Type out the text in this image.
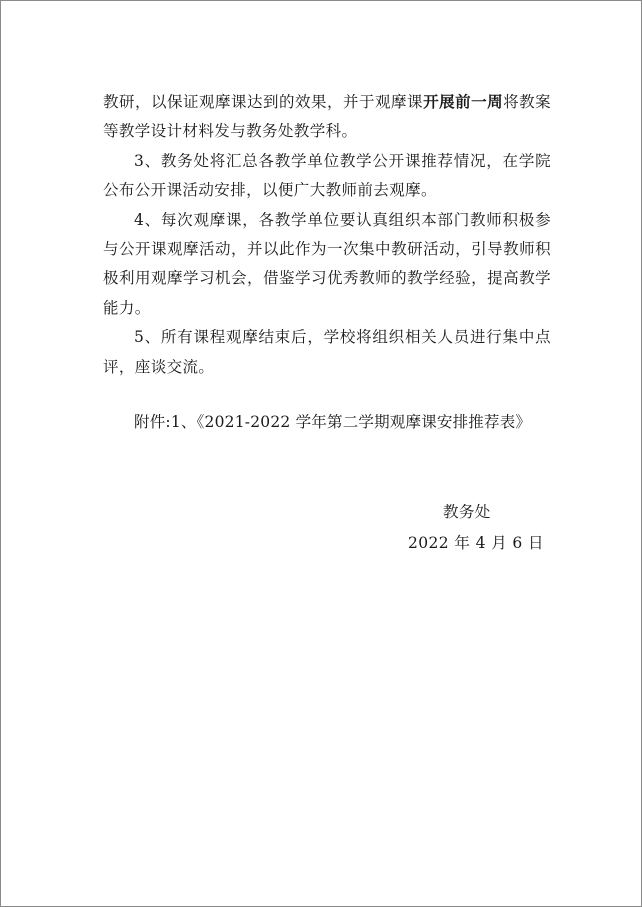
教研，以保证观摩课达到的效果，并于观摩课开展前一周将教案等教学设计材料发与教务处教学科。

3、教务处将汇总各教学单位教学公开课推荐情况，在学院公布公开课活动安排，以便广大教师前去观摩。

4、每次观摩课，各教学单位要认真组织本部门教师积极参与公开课观摩活动，并以此作为一次集中教研活动，引导教师积极利用观摩学习机会，借鉴学习优秀教师的教学经验，提高教学能力。

5、所有课程观摩结束后，学校将组织相关人员进行集中点评，座谈交流。

附件:1、《2021-2022 学年第二学期观摩课安排推荐表》
教务处
2022 年 4 月 6 日
